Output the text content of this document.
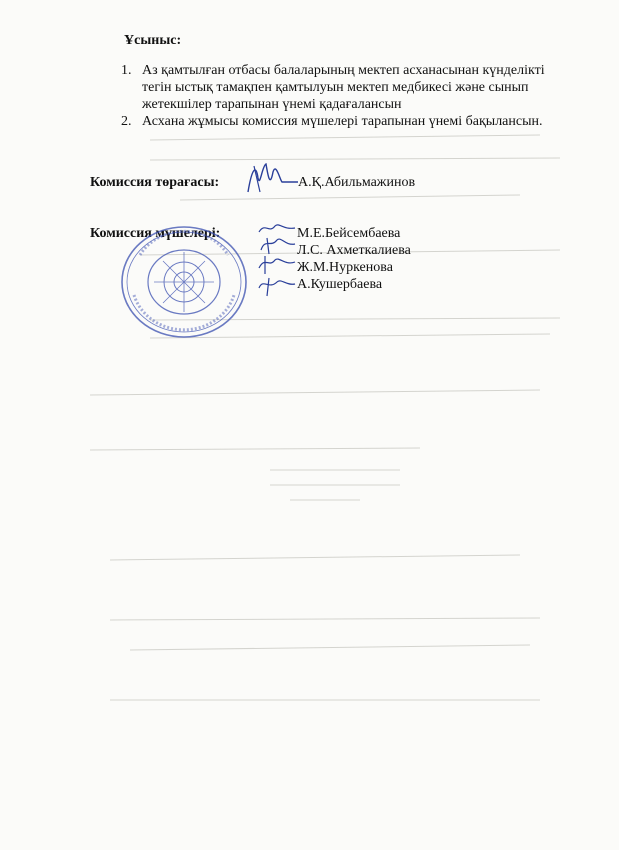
Ұсыныс:
1. Аз қамтылған отбасы балаларының мектеп асханасынан күнделікті тегін ыстық тамақпен қамтылуын мектеп медбикесі және сынып жетекшілер тарапынан үнемі қадағалансын
2. Асхана жұмысы комиссия мүшелері тарапынан үнемі бақылансын.
Комиссия төрағасы:	А.Қ.Абильмажинов
Комиссия мүшелері:	М.Е.Бейсембаева
Л.С. Ахметкалиева
Ж.М.Нуркенова
А.Кушербаева
